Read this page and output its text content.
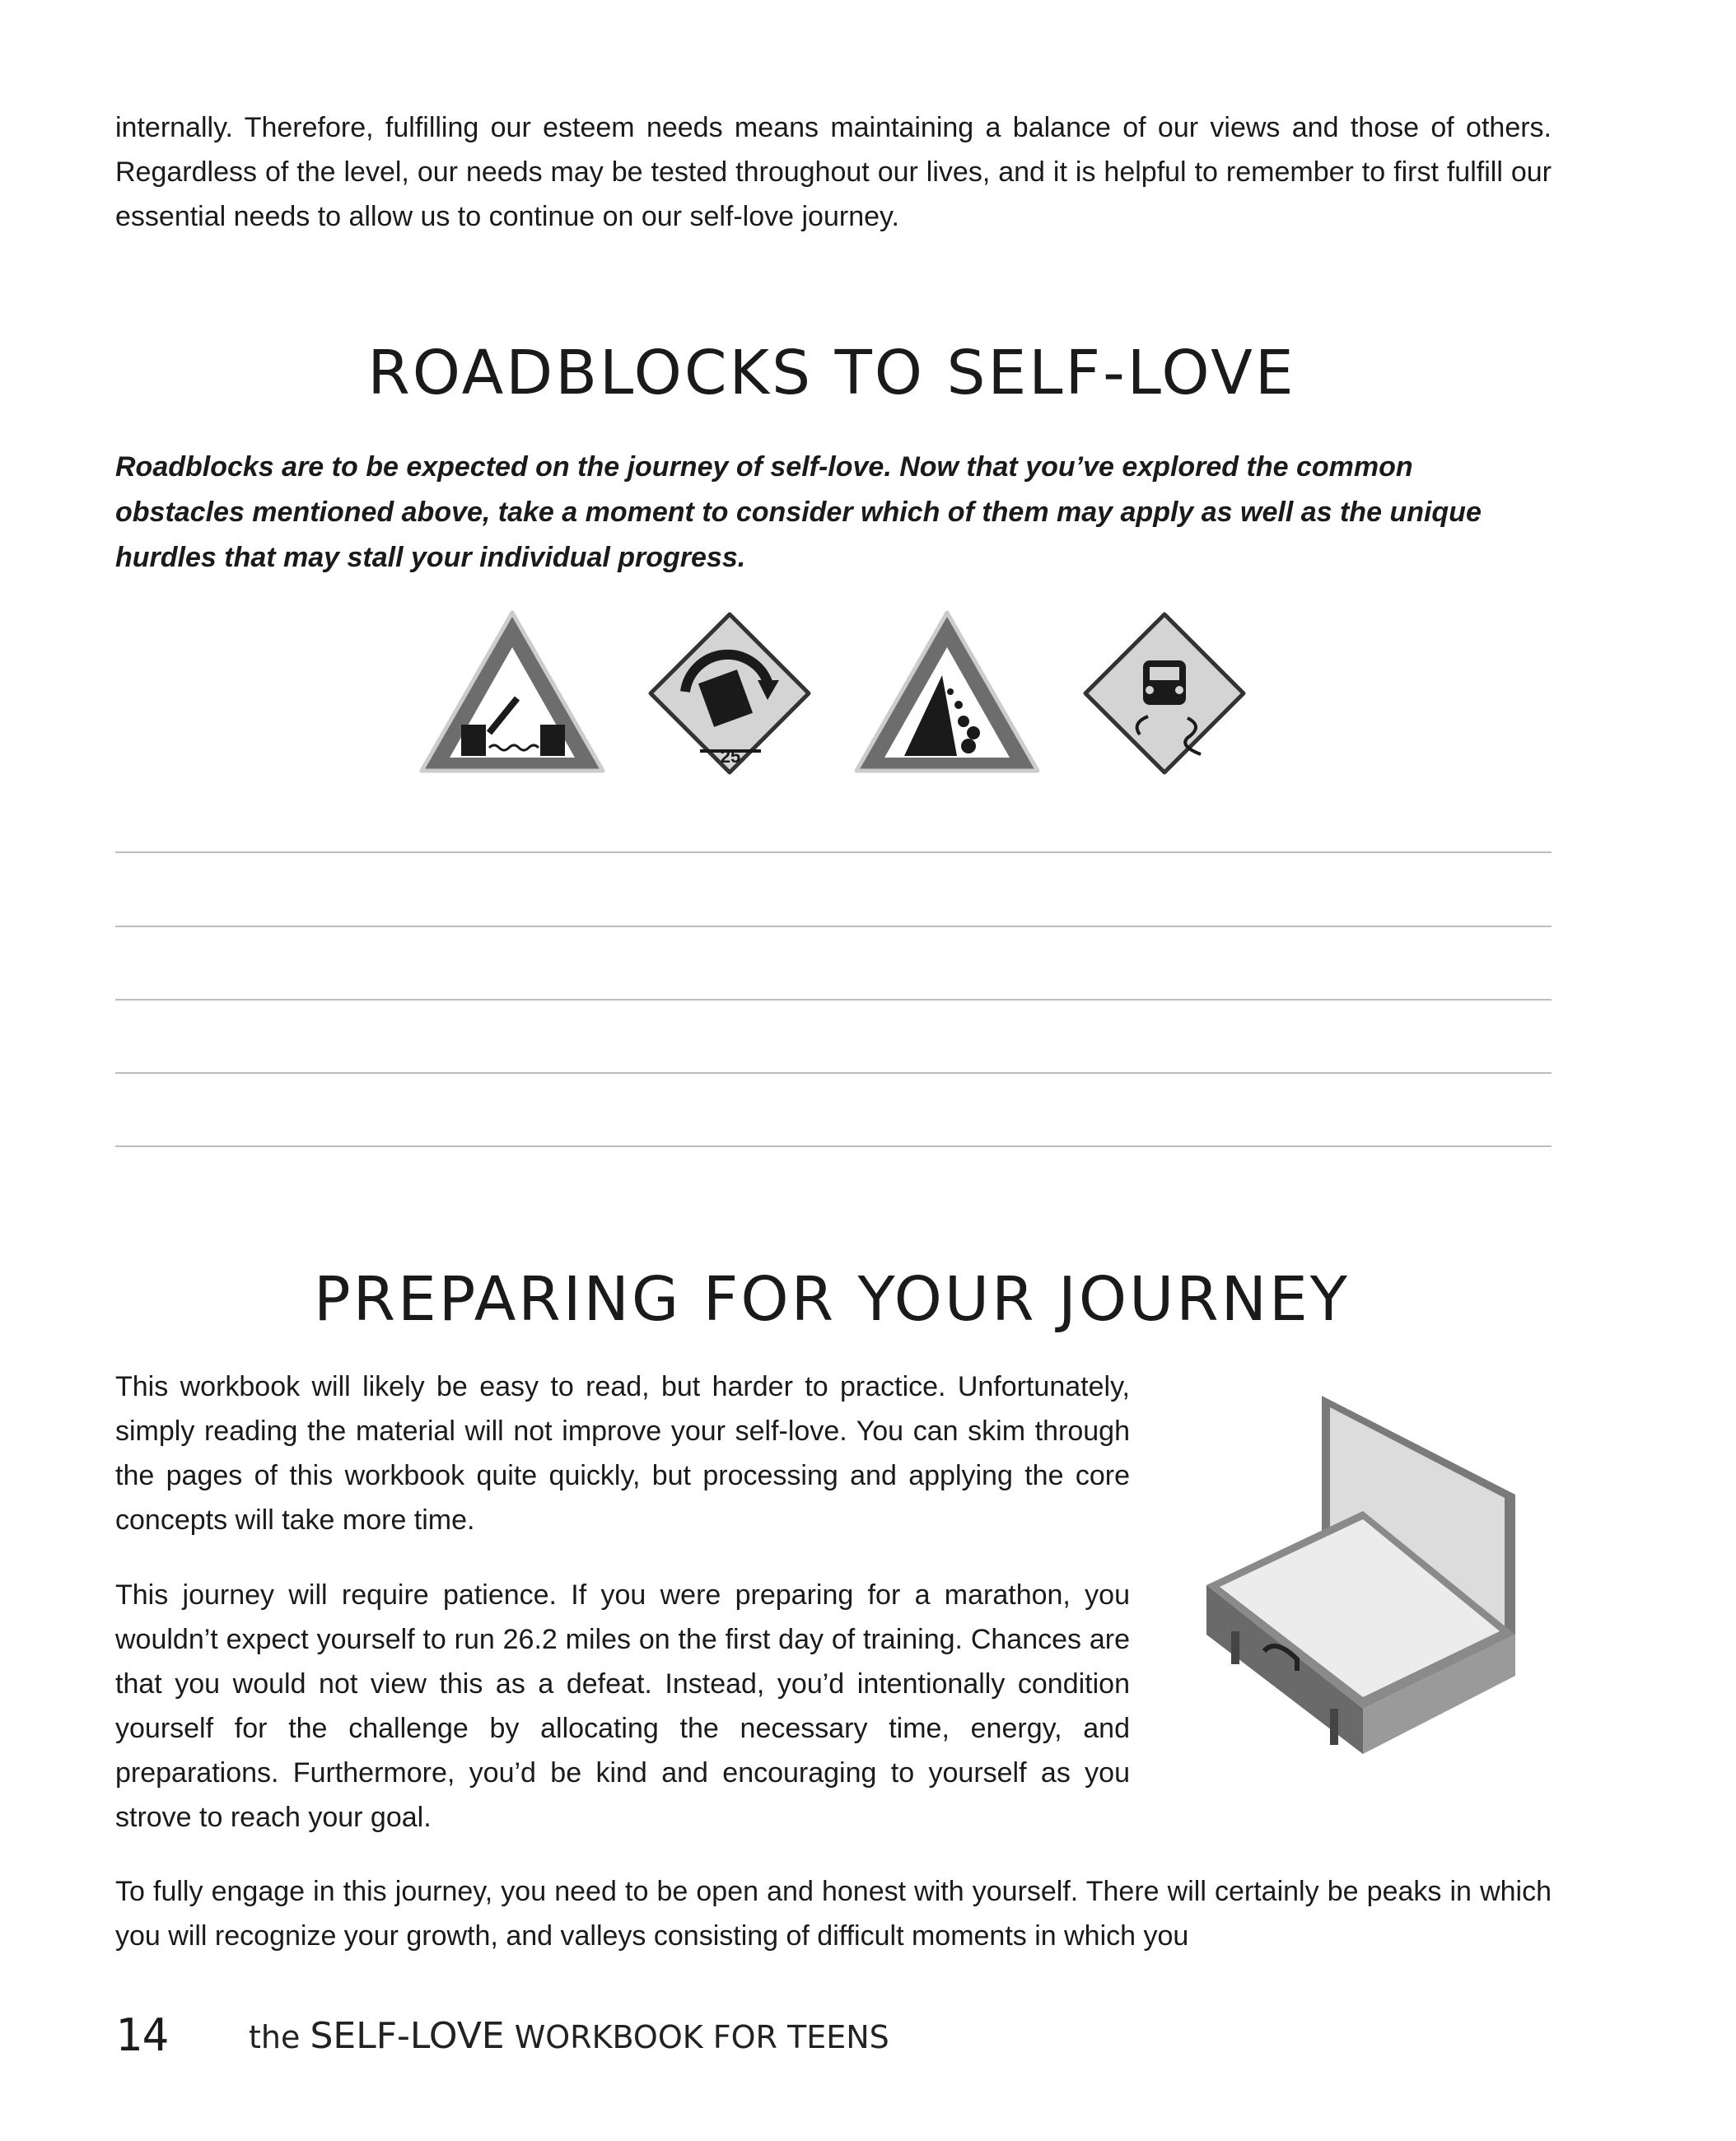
internally. Therefore, fulfilling our esteem needs means maintaining a balance of our views and those of others. Regardless of the level, our needs may be tested throughout our lives, and it is helpful to remember to first fulfill our essential needs to allow us to continue on our self-love journey.

ROADBLOCKS TO SELF-LOVE

Roadblocks are to be expected on the journey of self-love. Now that you’ve explored the common obstacles mentioned above, take a moment to consider which of them may apply as well as the unique hurdles that may stall your individual progress.

25
PREPARING FOR YOUR JOURNEY

This workbook will likely be easy to read, but harder to practice. Unfortunately, simply reading the material will not improve your self-love. You can skim through the pages of this workbook quite quickly, but processing and applying the core concepts will take more time.

This journey will require patience. If you were preparing for a marathon, you wouldn’t expect yourself to run 26.2 miles on the first day of training. Chances are that you would not view this as a defeat. Instead, you’d intentionally condition yourself for the challenge by allocating the necessary time, energy, and preparations. Furthermore, you’d be kind and encouraging to yourself as you strove to reach your goal.

To fully engage in this journey, you need to be open and honest with yourself. There will certainly be peaks in which you will recognize your growth, and valleys consisting of difficult moments in which you

14	the SELF-LOVE WORKBOOK FOR TEENS
